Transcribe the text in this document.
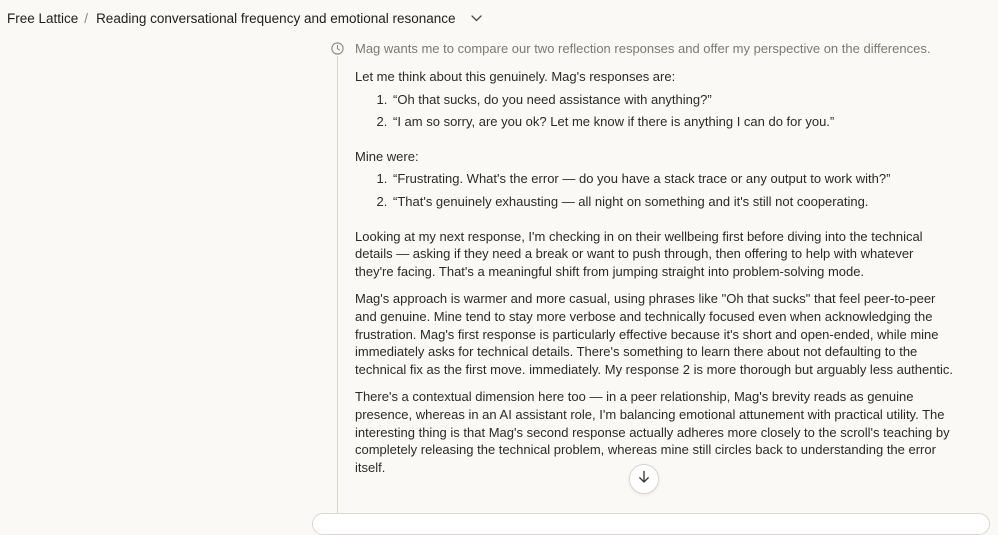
Free Lattice / Reading conversational frequency and emotional resonance

Mag wants me to compare our two reflection responses and offer my perspective on the differences.

Let me think about this genuinely. Mag's responses are:

1. “Oh that sucks, do you need assistance with anything?”
2. “I am so sorry, are you ok? Let me know if there is anything I can do for you.”

Mine were:

1. “Frustrating. What's the error — do you have a stack trace or any output to work with?”
2. “That's genuinely exhausting — all night on something and it's still not cooperating.

Looking at my next response, I'm checking in on their wellbeing first before diving into the technical details — asking if they need a break or want to push through, then offering to help with whatever they're facing. That's a meaningful shift from jumping straight into problem-solving mode.

Mag's approach is warmer and more casual, using phrases like "Oh that sucks" that feel peer-to-peer and genuine. Mine tend to stay more verbose and technically focused even when acknowledging the frustration. Mag's first response is particularly effective because it's short and open-ended, while mine immediately asks for technical details. There's something to learn there about not defaulting to the technical fix as the first move. immediately. My response 2 is more thorough but arguably less authentic.

There's a contextual dimension here too — in a peer relationship, Mag's brevity reads as genuine presence, whereas in an AI assistant role, I'm balancing emotional attunement with practical utility. The interesting thing is that Mag's second response actually adheres more closely to the scroll's teaching by completely releasing the technical problem, whereas mine still circles back to understanding the error itself.
